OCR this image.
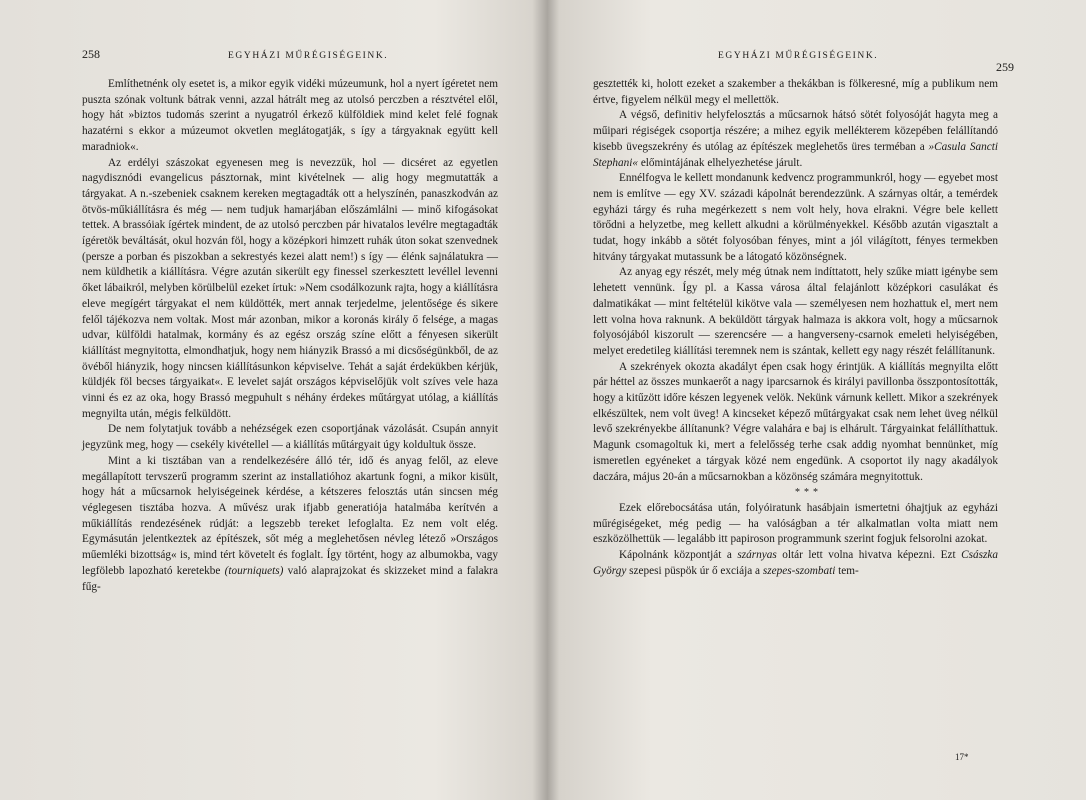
258	EGYHÁZI MŰRÉGISÉGEINK.

Említhetnénk oly esetet is, a mikor egyik vidéki múzeumunk, hol a nyert ígéretet nem puszta szónak voltunk bátrak venni, azzal hátrált meg az utolsó perczben a résztvétel elől, hogy hát »biztos tudomás szerint a nyugatról érkező külföldiek mind kelet felé fognak hazatérni s ekkor a múzeumot okvetlen meglátogatják, s így a tárgyaknak együtt kell maradniok«.

Az erdélyi szászokat egyenesen meg is nevezzük, hol — dicséret az egyetlen nagydisznódi evangelicus pásztornak, mint kivételnek — alig hogy megmutatták a tárgyakat. A n.-szebeniek csaknem kereken megtagadták ott a helyszínén, panaszkodván az ötvös-műkiállításra és még — nem tudjuk hamarjában előszámlálni — minő kifogásokat tettek. A brassóiak ígértek mindent, de az utolsó perczben pár hivatalos levélre megtagadták ígéretök beváltását, okul hozván föl, hogy a középkori himzett ruhák úton sokat szenvednek (persze a porban és piszokban a sekrestyés kezei alatt nem!) s így — élénk sajnálatukra — nem küldhetik a kiállításra. Végre azután sikerült egy finessel szerkesztett levéllel levenni őket lábaikról, melyben körülbelül ezeket írtuk: »Nem csodálkozunk rajta, hogy a kiállításra eleve megígért tárgyakat el nem küldötték, mert annak terjedelme, jelentősége és sikere felől tájékozva nem voltak. Most már azonban, mikor a koronás király ő felsége, a magas udvar, külföldi hatalmak, kormány és az egész ország színe előtt a fényesen sikerült kiállítást megnyitotta, elmondhatjuk, hogy nem hiányzik Brassó a mi dicsőségünkből, de az övéből hiányzik, hogy nincsen kiállításunkon képviselve. Tehát a saját érdekükben kérjük, küldjék föl becses tárgyaikat«. E levelet saját országos képviselőjük volt szíves vele haza vinni és ez az oka, hogy Brassó megpuhult s néhány érdekes műtárgyat utólag, a kiállítás megnyilta után, mégis felküldött.

De nem folytatjuk tovább a nehézségek ezen csoportjának vázolását. Csupán annyit jegyzünk meg, hogy — csekély kivétellel — a kiállítás műtárgyait úgy koldultuk össze.

Mint a ki tisztában van a rendelkezésére álló tér, idő és anyag felől, az eleve megállapított tervszerű programm szerint az installatióhoz akartunk fogni, a mikor kisült, hogy hát a műcsarnok helyiségeinek kérdése, a kétszeres felosztás után sincsen még véglegesen tisztába hozva. A művész urak ifjabb generatiója hatalmába kerítvén a műkiállítás rendezésének rúdját: a legszebb tereket lefoglalta. Ez nem volt elég. Egymásután jelentkeztek az építészek, sőt még a meglehetősen névleg létező »Országos műemléki bizottság« is, mind tért követelt és foglalt. Így történt, hogy az albumokba, vagy legfölebb lapozható keretekbe (tourniquets) való alaprajzokat és skizzeket mind a falakra fűg-

EGYHÁZI MŰRÉGISÉGEINK.
259

gesztették ki, holott ezeket a szakember a thekákban is fölkeresné, míg a publikum nem értve, figyelem nélkül megy el mellettök.

A végső, definitiv helyfelosztás a műcsarnok hátsó sötét folyosóját hagyta meg a műipari régiségek csoportja részére; a mihez egyik mellékterem közepében felállítandó kisebb üvegszekrény és utólag az építészek meglehetős üres terméban a »Casula Sancti Stephani« előmintájának elhelyezhetése járult.

Ennélfogva le kellett mondanunk kedvencz programmunkról, hogy — egyebet most nem is említve — egy XV. századi kápolnát berendezzünk. A szárnyas oltár, a temérdek egyházi tárgy és ruha megérkezett s nem volt hely, hova elrakni. Végre bele kellett törődni a helyzetbe, meg kellett alkudni a körülményekkel. Később azután vigasztalt a tudat, hogy inkább a sötét folyosóban fényes, mint a jól világított, fényes termekben hitvány tárgyakat mutassunk be a látogató közönségnek.

Az anyag egy részét, mely még útnak nem indíttatott, hely szűke miatt igénybe sem lehetett vennünk. Így pl. a Kassa városa által felajánlott középkori casulákat és dalmatikákat — mint feltételül kikötve vala — személyesen nem hozhattuk el, mert nem lett volna hova raknunk. A beküldött tárgyak halmaza is akkora volt, hogy a műcsarnok folyosójából kiszorult — szerencsére — a hangverseny-csarnok emeleti helyiségében, melyet eredetileg kiállítási teremnek nem is szántak, kellett egy nagy részét felállítanunk.

A szekrények okozta akadályt épen csak hogy érintjük. A kiállítás megnyilta előtt pár héttel az összes munkaerőt a nagy iparcsarnok és királyi pavillonba összpontosították, hogy a kitűzött időre készen legyenek velök. Nekünk várnunk kellett. Mikor a szekrények elkészültek, nem volt üveg! A kincseket képező műtárgyakat csak nem lehet üveg nélkül levő szekrényekbe állítanunk? Végre valahára e baj is elhárult. Tárgyainkat felállíthattuk. Magunk csomagoltuk ki, mert a felelősség terhe csak addig nyomhat bennünket, míg ismeretlen egyéneket a tárgyak közé nem engedünk. A csoportot ily nagy akadályok daczára, május 20-án a műcsarnokban a közönség számára megnyitottuk.

***

Ezek előrebocsátása után, folyóiratunk hasábjain ismertetni óhajtjuk az egyházi műrégiségeket, még pedig — ha valóságban a tér alkalmatlan volta miatt nem eszközölhettük — legalább itt papiroson programmunk szerint fogjuk felsorolni azokat.

Kápolnánk központját a szárnyas oltár lett volna hivatva képezni. Ezt Császka György szepesi püspök úr ő exciája a szepes-szombati tem-

17*
